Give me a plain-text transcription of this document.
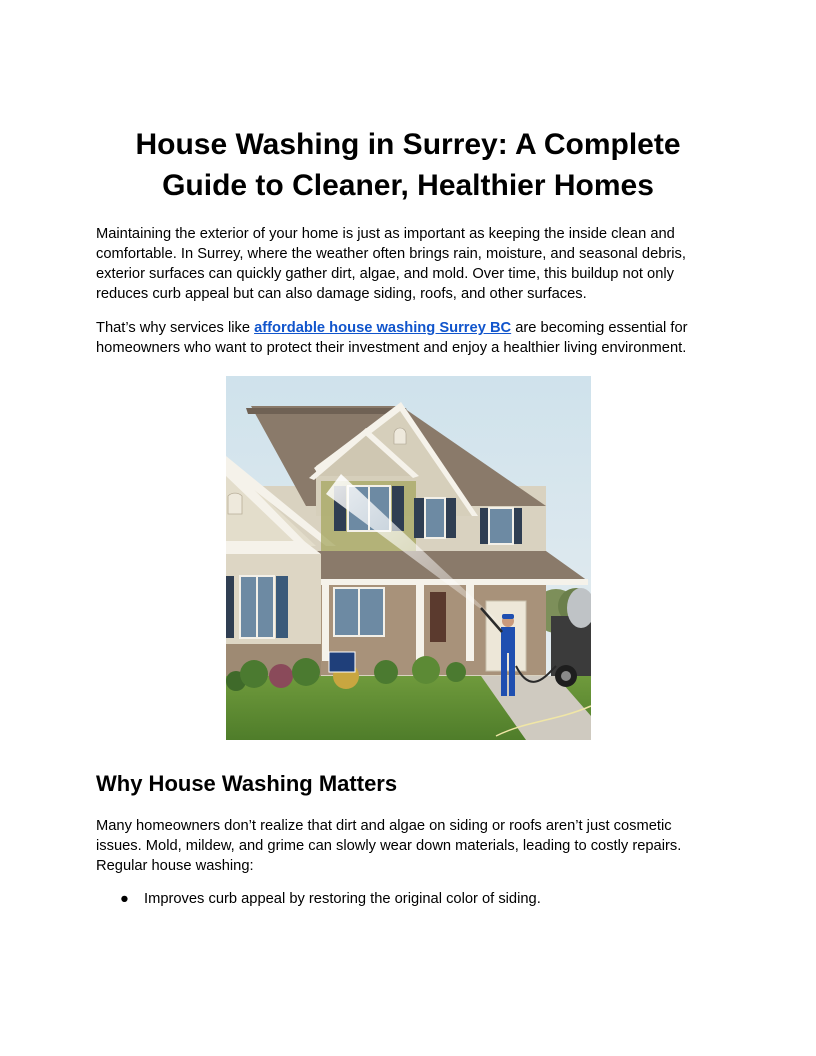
House Washing in Surrey: A Complete Guide to Cleaner, Healthier Homes

Maintaining the exterior of your home is just as important as keeping the inside clean and comfortable. In Surrey, where the weather often brings rain, moisture, and seasonal debris, exterior surfaces can quickly gather dirt, algae, and mold. Over time, this buildup not only reduces curb appeal but can also damage siding, roofs, and other surfaces.

That’s why services like affordable house washing Surrey BC are becoming essential for homeowners who want to protect their investment and enjoy a healthier living environment.

Why House Washing Matters

Many homeowners don’t realize that dirt and algae on siding or roofs aren’t just cosmetic issues. Mold, mildew, and grime can slowly wear down materials, leading to costly repairs. Regular house washing:

● Improves curb appeal by restoring the original color of siding.
